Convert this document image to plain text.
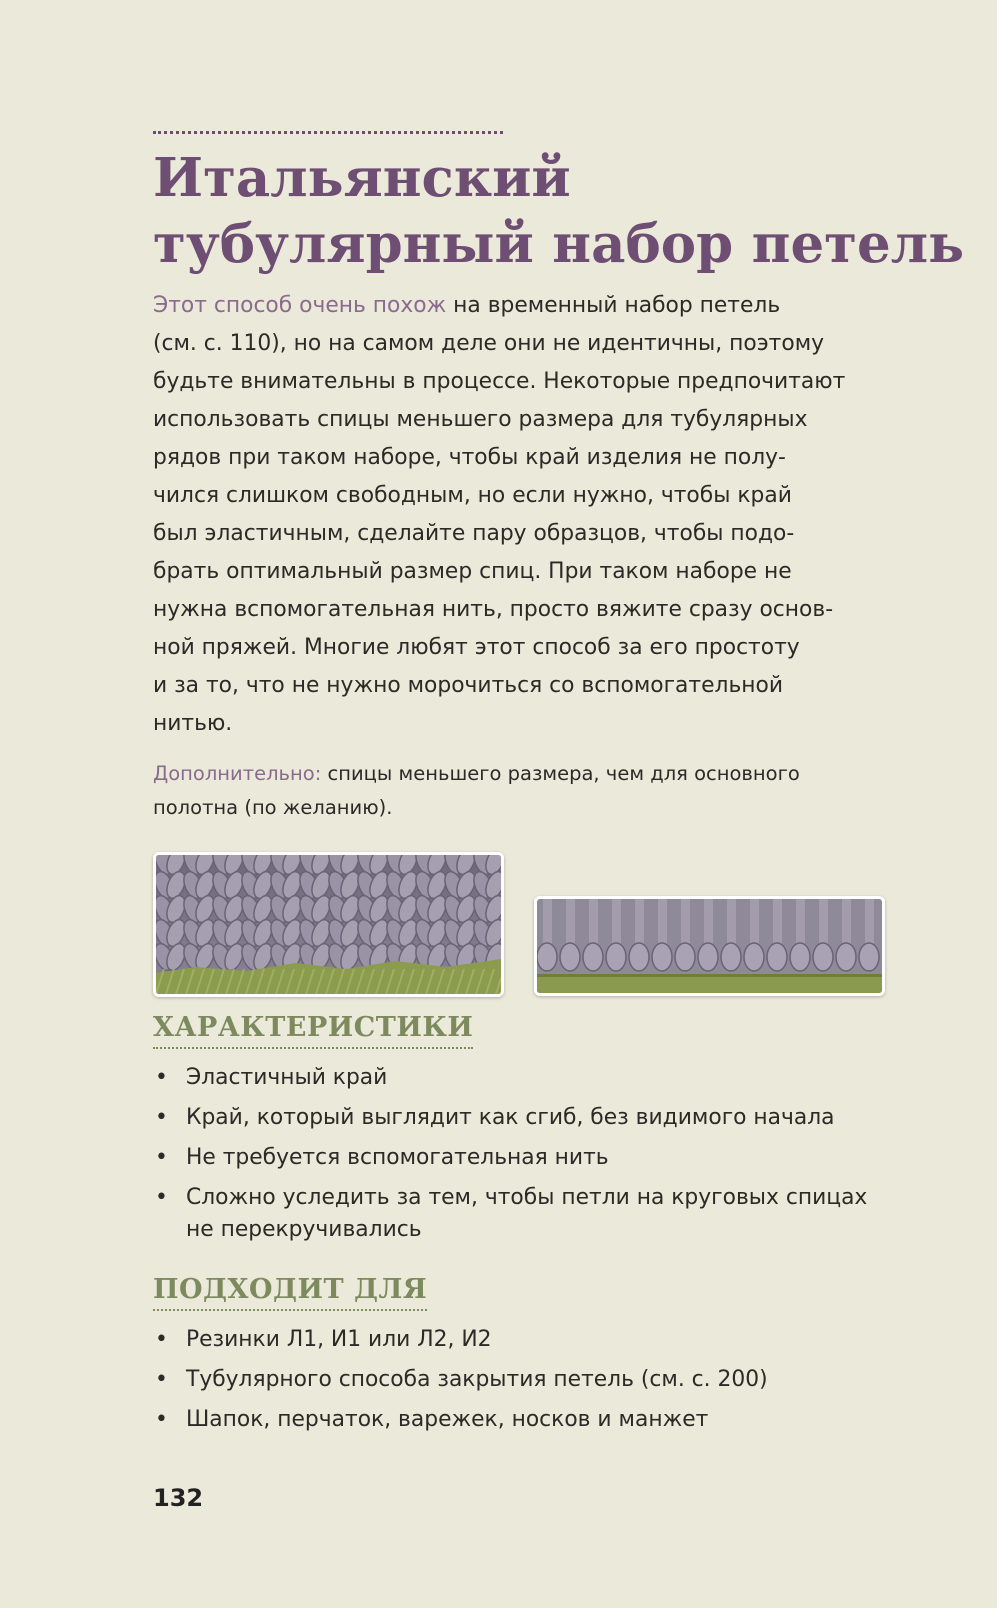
Итальянский
тубулярный набор петель
Этот способ очень похож на временный набор петель
(см. с. 110), но на самом деле они не идентичны, поэтому
будьте внимательны в процессе. Некоторые предпочитают
использовать спицы меньшего размера для тубулярных
рядов при таком наборе, чтобы край изделия не полу-
чился слишком свободным, но если нужно, чтобы край
был эластичным, сделайте пару образцов, чтобы подо-
брать оптимальный размер спиц. При таком наборе не
нужна вспомогательная нить, просто вяжите сразу основ-
ной пряжей. Многие любят этот способ за его простоту
и за то, что не нужно морочиться со вспомогательной
нитью.
Дополнительно: спицы меньшего размера, чем для основного
полотна (по желанию).
ХАРАКТЕРИСТИКИ
• Эластичный край
• Край, который выглядит как сгиб, без видимого начала
• Не требуется вспомогательная нить
• Сложно уследить за тем, чтобы петли на круговых спицах
не перекручивались
ПОДХОДИТ ДЛЯ
• Резинки Л1, И1 или Л2, И2
• Тубулярного способа закрытия петель (см. с. 200)
• Шапок, перчаток, варежек, носков и манжет
132
